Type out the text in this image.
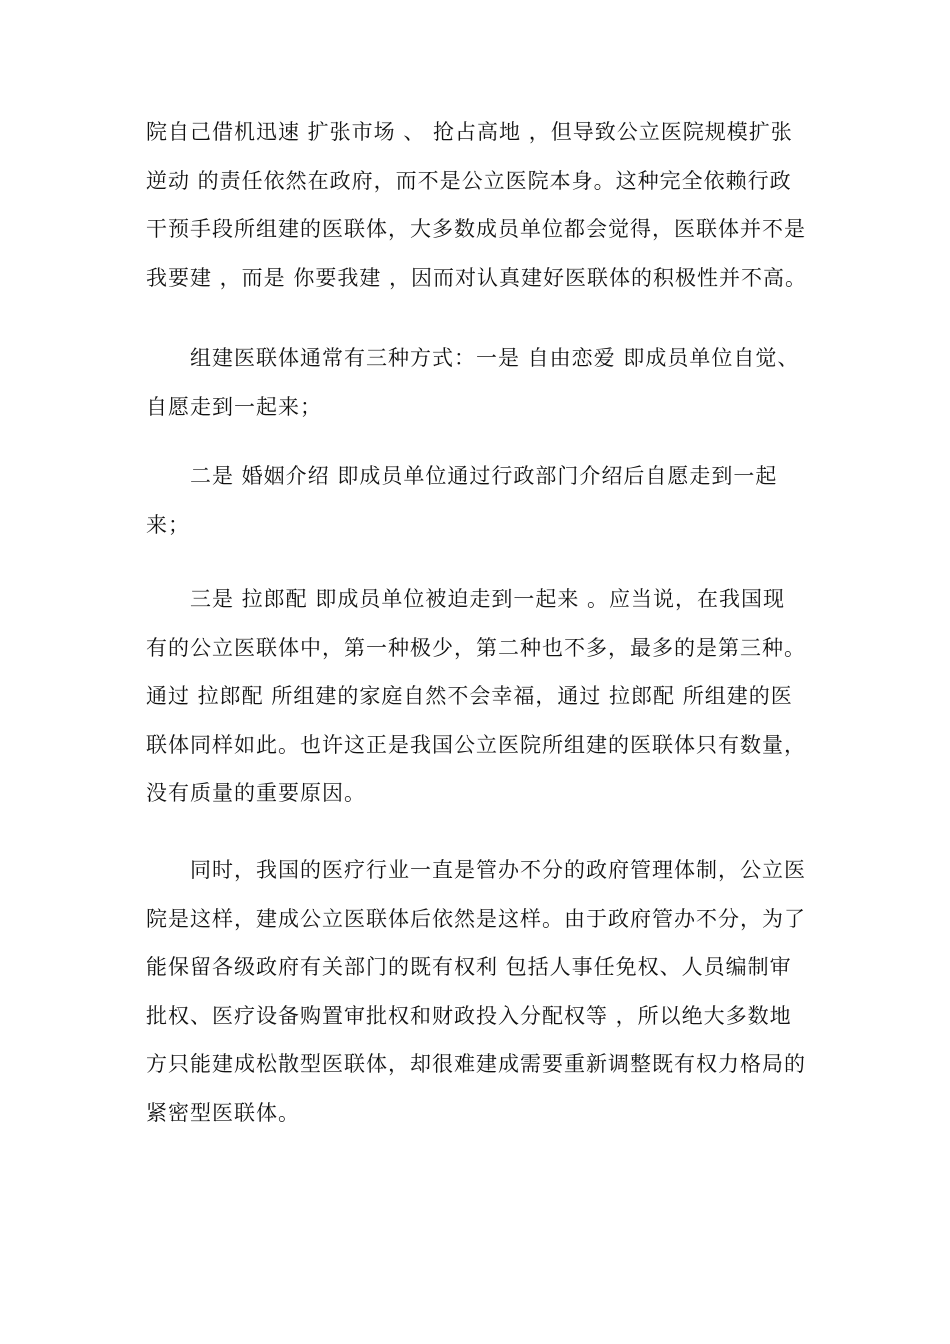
院自己借机迅速 扩张市场 、 抢占高地 ，但导致公立医院规模扩张
逆动 的责任依然在政府，而不是公立医院本身。这种完全依赖行政
干预手段所组建的医联体，大多数成员单位都会觉得，医联体并不是
我要建 ，而是 你要我建 ，因而对认真建好医联体的积极性并不高。
组建医联体通常有三种方式：一是 自由恋爱 即成员单位自觉、
自愿走到一起来；
二是 婚姻介绍 即成员单位通过行政部门介绍后自愿走到一起
来；
三是 拉郎配 即成员单位被迫走到一起来 。应当说，在我国现
有的公立医联体中，第一种极少，第二种也不多，最多的是第三种。
通过 拉郎配 所组建的家庭自然不会幸福，通过 拉郎配 所组建的医
联体同样如此。也许这正是我国公立医院所组建的医联体只有数量，
没有质量的重要原因。
同时，我国的医疗行业一直是管办不分的政府管理体制，公立医
院是这样，建成公立医联体后依然是这样。由于政府管办不分，为了
能保留各级政府有关部门的既有权利 包括人事任免权、人员编制审
批权、医疗设备购置审批权和财政投入分配权等 ，所以绝大多数地
方只能建成松散型医联体，却很难建成需要重新调整既有权力格局的
紧密型医联体。
